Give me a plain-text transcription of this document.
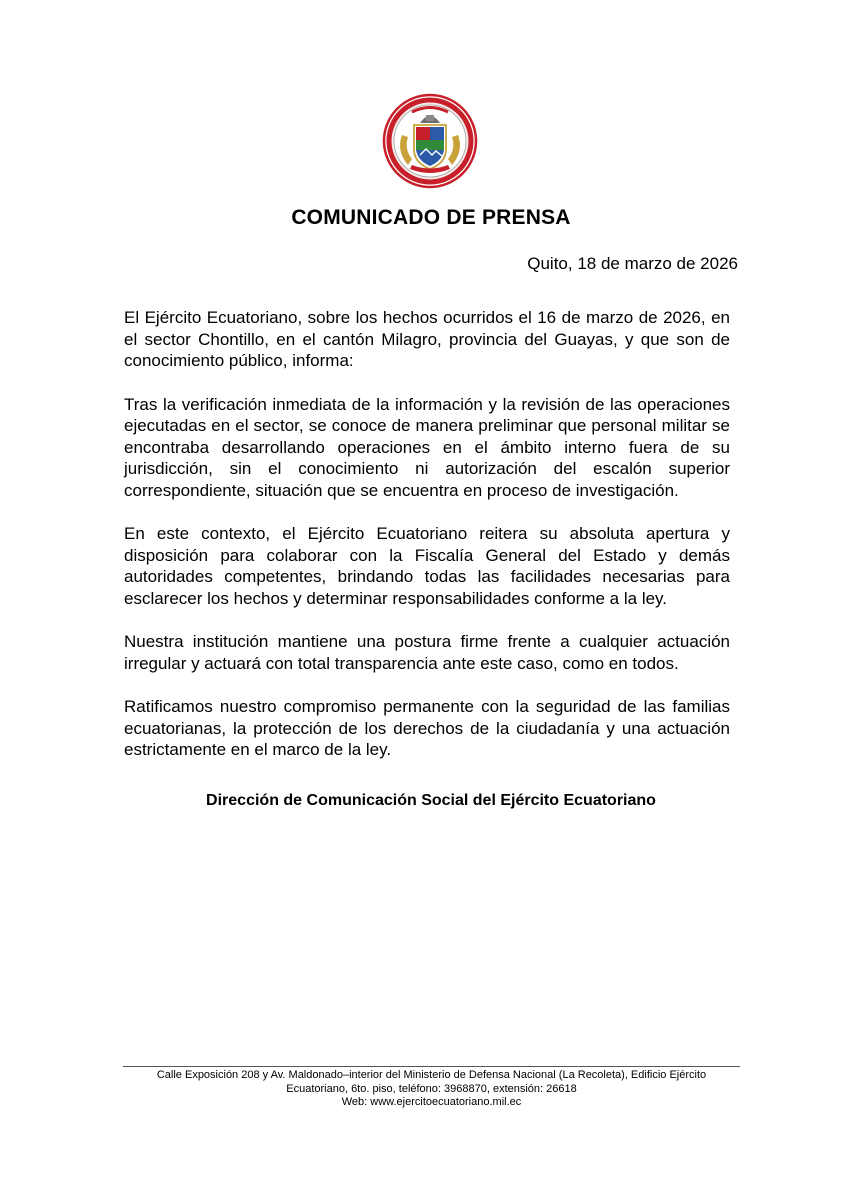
COMUNICADO DE PRENSA
Quito, 18 de marzo de 2026

El Ejército Ecuatoriano, sobre los hechos ocurridos el 16 de marzo de 2026, en el sector Chontillo, en el cantón Milagro, provincia del Guayas, y que son de conocimiento público, informa:

Tras la verificación inmediata de la información y la revisión de las operaciones ejecutadas en el sector, se conoce de manera preliminar que personal militar se encontraba desarrollando operaciones en el ámbito interno fuera de su jurisdicción, sin el conocimiento ni autorización del escalón superior correspondiente, situación que se encuentra en proceso de investigación.

En este contexto, el Ejército Ecuatoriano reitera su absoluta apertura y disposición para colaborar con la Fiscalía General del Estado y demás autoridades competentes, brindando todas las facilidades necesarias para esclarecer los hechos y determinar responsabilidades conforme a la ley.

Nuestra institución mantiene una postura firme frente a cualquier actuación irregular y actuará con total transparencia ante este caso, como en todos.

Ratificamos nuestro compromiso permanente con la seguridad de las familias ecuatorianas, la protección de los derechos de la ciudadanía y una actuación estrictamente en el marco de la ley.

Dirección de Comunicación Social del Ejército Ecuatoriano
Calle Exposición 208 y Av. Maldonado–interior del Ministerio de Defensa Nacional (La Recoleta), Edificio Ejército
Ecuatoriano, 6to. piso, teléfono: 3968870, extensión: 26618
Web: www.ejercitoecuatoriano.mil.ec
